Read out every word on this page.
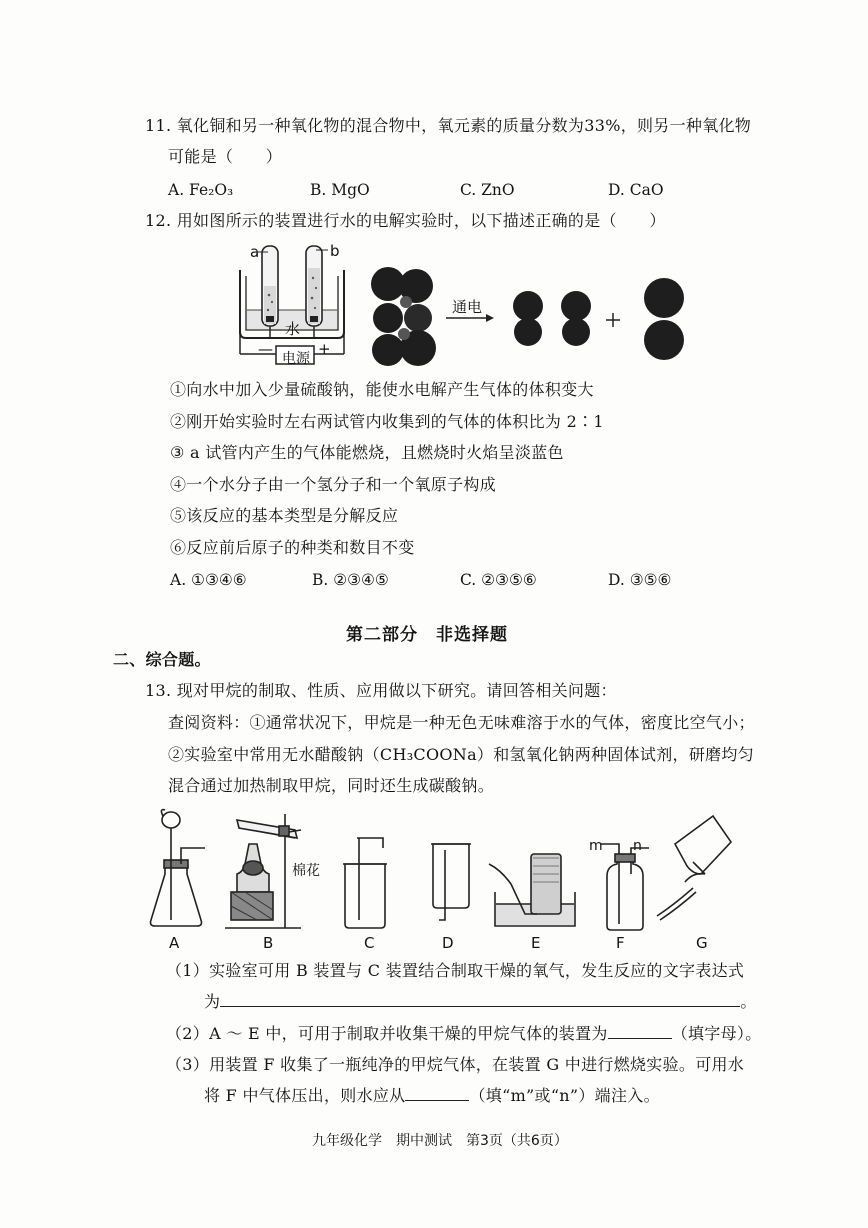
11. 氧化铜和另一种氧化物的混合物中，氧元素的质量分数为33%，则另一种氧化物
可能是（　　）
A. Fe₂O₃	B. MgO	C. ZnO	D. CaO
12. 用如图所示的装置进行水的电解实验时，以下描述正确的是（　　）
a	b
水
—	+
电源
通电
①向水中加入少量硫酸钠，能使水电解产生气体的体积变大
②刚开始实验时左右两试管内收集到的气体的体积比为 2∶1
③ a 试管内产生的气体能燃烧，且燃烧时火焰呈淡蓝色
④一个水分子由一个氢分子和一个氧原子构成
⑤该反应的基本类型是分解反应
⑥反应前后原子的种类和数目不变
A. ①③④⑥	B. ②③④⑤	C. ②③⑤⑥	D. ③⑤⑥
第二部分　非选择题
二、综合题。
13. 现对甲烷的制取、性质、应用做以下研究。请回答相关问题：
查阅资料：①通常状况下，甲烷是一种无色无味难溶于水的气体，密度比空气小；
②实验室中常用无水醋酸钠（CH₃COONa）和氢氧化钠两种固体试剂，研磨均匀
混合通过加热制取甲烷，同时还生成碳酸钠。
棉花
m n
A	B	C	D	E	F	G
（1）实验室可用 B 装置与 C 装置结合制取干燥的氧气，发生反应的文字表达式
为	。
（2）A ～ E 中，可用于制取并收集干燥的甲烷气体的装置为	（填字母）。
（3）用装置 F 收集了一瓶纯净的甲烷气体，在装置 G 中进行燃烧实验。可用水
将 F 中气体压出，则水应从	（填“m”或“n”）端注入。
九年级化学　期中测试　第3页（共6页）
